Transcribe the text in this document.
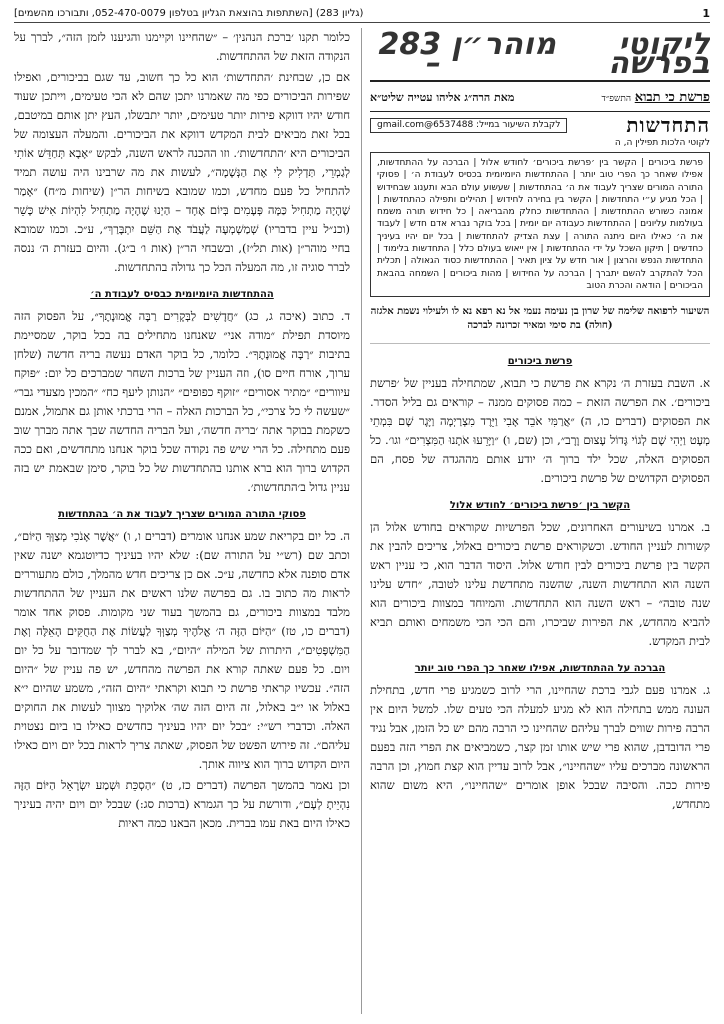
1
(גליון 283) [השתתפות בהוצאת הגליון בטלפון 052-470-0079, ותבורכו מהשמים]
ליקוטי מוהר״ן בפרשה
283 –
פרשת כי תבוא התשפ״ד
מאת הרה״ג אליהו עטייה שליט״א
התחדשות
לקבלת השיעור במייל: 6537488@gmail.com
לקוטי הלכות תפילין ה, ה
פרשת ביכורים | הקשר בין ׳פרשת ביכורים׳ לחודש אלול | הברכה על ההתחדשות, אפילו שאחר כך הפרי טוב יותר | ההתחדשות היומיומית בכסיס לעבודת ה׳ | פסוקי התורה המורים שצריך לעבוד את ה׳ בהתחדשות | שעשוע עולם הבא ותענוג שבחידוש | הכל מגיע ע״י התחדשות | הקשר בין בחירה לחידוש | תהילים ותפילה כהתחדשות | אמונה כשורש ההתחדשות | ההתחדשות כחלק מהבריאה | כל חידוש תורה משמח בעולמות עליונים | ההתחדשות כעבודה יום יומית | בכל בוקר נברא אדם חדש | לעבוד את ה׳ כאילו היום ניתנה התורה | עצת הצדיק להתחדשות | בכל יום יהיו בעיניך כחדשים | תיקון השכל על ידי ההתחדשות | אין ייאוש בעולם כלל | התחדשות בלימוד | התחדשות הנפש והרצון | אור חדש על ציון תאיר | ההתחדשות כסוד הגאולה | תכלית הכל להתקרב להשם יתברך | הברכה על החידוש | מהות ביכורים | השמחה בהבאת הביכורים | הודאה והכרת הטוב
השיעור לרפואה שלימה של שרון בן נעימה נעמי אל נא רפא נא לו ולעילוי נשמת אלגזה (חולה) בת סימי ומאיר זכרונה לברכה
פרשת ביכורים

א. השבת בעזרת ה׳ נקרא את פרשת כי תבוא, שמתחילה בעניין של ׳פרשת ביכורים׳. את הפרשה הזאת – כמה פסוקים ממנה – קוראים גם בליל הסדר. את הפסוקים (דברים כו, ה) ״אֲרַמִּי אֹבֵד אָבִי וַיֵּרֶד מִצְרַיְמָה וַיָּגָר שָׁם בִּמְתֵי מְעָט וַיְהִי שָׁם לְגוֹי גָּדוֹל עָצוּם וָרָב״, וכן (שם, ו) ״וַיָּרֵעוּ אֹתָנוּ הַמִּצְרִים״ וגו׳. כל הפסוקים האלה, שכל ילד ברוך ה׳ יודע אותם מההגדה של פסח, הם הפסוקים הקדושים של פרשת ביכורים.

הקשר בין ׳פרשת ביכורים׳ לחודש אלול

ב. אמרנו בשיעורים האחרונים, שכל הפרשיות שקוראים בחודש אלול הן קשורות לעניין החודש. וכשקוראים פרשת ביכורים באלול, צריכים להבין את הקשר בין פרשת ביכורים לבין חודש אלול. היסוד הדבר הוא, כי עניין ראש השנה הוא התחדשות השנה, שהשנה מתחדשת עלינו לטובה, ״חדש עלינו שנה טובה״ – ראש השנה הוא התחדשות. והמיוחד במצוות ביכורים הוא להביא מהחדש, את הפירות שביכרו, והם הכי הכי משמחים ואותם תביא לבית המקדש.

הברכה על ההתחדשות, אפילו שאחר כך הפרי טוב יותר

ג. אמרנו פעם לגבי ברכת שהחיינו, הרי לרוב כשמגיע פרי חדש, בתחילת העונה ממש בתחילה הוא לא מגיע למעלה הכי טעים שלו. למשל היום אין הרבה פירות שווים לברך עליהם שהחיינו כי הרבה מהם יש כל הזמן, אבל נגיד פרי הדובדבן, שהוא פרי שיש אותו זמן קצר, כשמביאים את הפרי הזה בפעם הראשונה מברכים עליו ״שהחיינו״, אבל לרוב עדיין הוא קצת חמוץ, וכן הרבה פירות ככה. והסיבה שבכל אופן אומרים ״שהחיינו״, היא משום שהוא מתחדש,

כלומר תקנו ׳ברכת הנהנין׳ – ״שהחיינו וקיימנו והגיענו לזמן הזה״, לברך על הנקודה הזאת של ההתחדשות.

אם כן, שבחינת ׳התחדשות׳ הוא כל כך חשוב, עד שגם בביכורים, ואפילו שפירות הביכורים כפי מה שאמרנו יתכן שהם לא הכי טעימים, וייתכן שעוד חודש יהיו דווקא פירות יותר טעימים, יותר יתבשלו, העץ יתן אותם במיטבם, בכל זאת מביאים לבית המקדש דווקא את הביכורים. והמעלה העצומה של הביכורים היא ׳התחדשות׳. וזו ההכנה לראש השנה, לבקש ״אָבָא תְּחַדֵּשׁ אוֹתִי לְגַמְרֵי, תַּדְלִיק לִי אֶת הַנְּשָׁמָה״, לעשות את מה שרבינו היה עושה תמיד להתחיל כל פעם מחדש, וכמו שמובא בשיחות הר״ן (שיחות מ״ח) ״אָמַר שֶׁהָיָה מַתְחִיל כַּמָּה פְּעָמִים בְּיוֹם אֶחָד – הַיְנוּ שֶׁהָיָה מַתְחִיל לִהְיוֹת אִישׁ כָּשֵׁר (וכנ״ל עיין בדבריו) שְׁמַשְׁמְעָה לַעֲבֹד אֶת הַשֵּׁם יִתְבָּרַךְ״, ע״כ. וכמו שמובא בחיי מוהר״ן (אות תל״ז), ובשבחי הר״ן (אות ו׳ ב״ג). והיום בעזרת ה׳ ננסה לברר סוגיה זו, מה המעלה הכל כך גדולה בהתחדשות.

ההתחדשות היומיומית כבסיס לעבודת ה׳

ד. כתוב (איכה ג, כג) ״חֲדָשִׁים לַבְּקָרִים רַבָּה אֱמוּנָתֶךָ״, על הפסוק הזה מיוסדת תפילת ״מודה אני״ שאנחנו מתחילים בה בכל בוקר, שמסיימת בתיבות ״רַבָּה אֱמוּנָתֶךָ״. כלומר, כל בוקר האדם נעשה בריה חדשה (שלחן ערוך, אורח חיים סו), וזה העניין של ברכות השחר שמברכים כל יום: ״פוקח עיוורים״ ״מתיר אסורים״ ״זוקף כפופים״ ״הנותן ליעף כח״ ״המכין מצעדי גבר״ ״שעשה לי כל צרכי״, כל הברכות האלה – הרי ברכתי אותן גם אתמול, אמנם כשקמת בבוקר אתה ׳בריה חדשה׳, ועל הבריה החדשה שבך אתה מברך שוב פעם מתחילה. כל הרי שיש פה נקודה שכל בוקר אנחנו מתחדשים, ואם ככה הקדוש ברוך הוא ברא אותנו בהתחדשות של כל בוקר, סימן שבאמת יש בזה עניין גדול ב׳התחדשות׳.

פסוקי התורה המורים שצריך לעבוד את ה׳ בהתחדשות

ה. כל יום בקריאת שמע אנחנו אומרים (דברים ו, ו) ״אֲשֶׁר אָנֹכִי מְצַוְּךָ הַיּוֹם״, וכתב שם (רש״י על התורה שם): שלא יהיו בעיניך כדיוטגמא ישנה שאין אדם סופנה אלא כחדשה, ע״כ. אם כן צריכים חדש מהמלך, כולם מתעוררים לראות מה כתוב בו. גם בפרשה שלנו ראשים את העניין של ההתחדשות מלבד במצוות ביכורים, גם בהמשך בעוד שני מקומות. פסוק אחד אומר (דברים כו, טז) ״הַיּוֹם הַזֶּה ה׳ אֱלֹהֶיךָ מְצַוְּךָ לַעֲשׂוֹת אֶת הַחֻקִּים הָאֵלֶּה וְאֶת הַמִּשְׁפָּטִים״, היתרות של המילה ״היום״, בא לברר לך שמדובר על כל יום ויום. כל פעם שאתה קורא את הפרשה מהחדש, יש פה עניין של ״היום הזה״. עכשיו קראתי פרשת כי תבוא וקראתי ״היום הזה״, משמע שהיום י״א באלול או י״ב באלול, זה היום הזה שה׳ אלוקיך מצווך לעשות את החוקים האלה. וכדברי רש״י: ״בכל יום יהיו בעיניך כחדשים כאילו בו ביום נצטוית עליהם״. זה פירוש הפשט של הפסוק, שאתה צריך לראות בכל יום ויום כאילו היום הקדוש ברוך הוא ציווה אותך.

וכן נאמר בהמשך הפרשה (דברים כז, ט) ״הַסְכֵּת וּשְׁמַע יִשְׂרָאֵל הַיּוֹם הַזֶּה נִהְיֵיתָ לְעָם״, ודורשת על כך הגמרא (ברכות סג:) שבכל יום ויום יהיה בעיניך כאילו היום באת עמו בברית. מכאן הבאנו כמה ראיות
